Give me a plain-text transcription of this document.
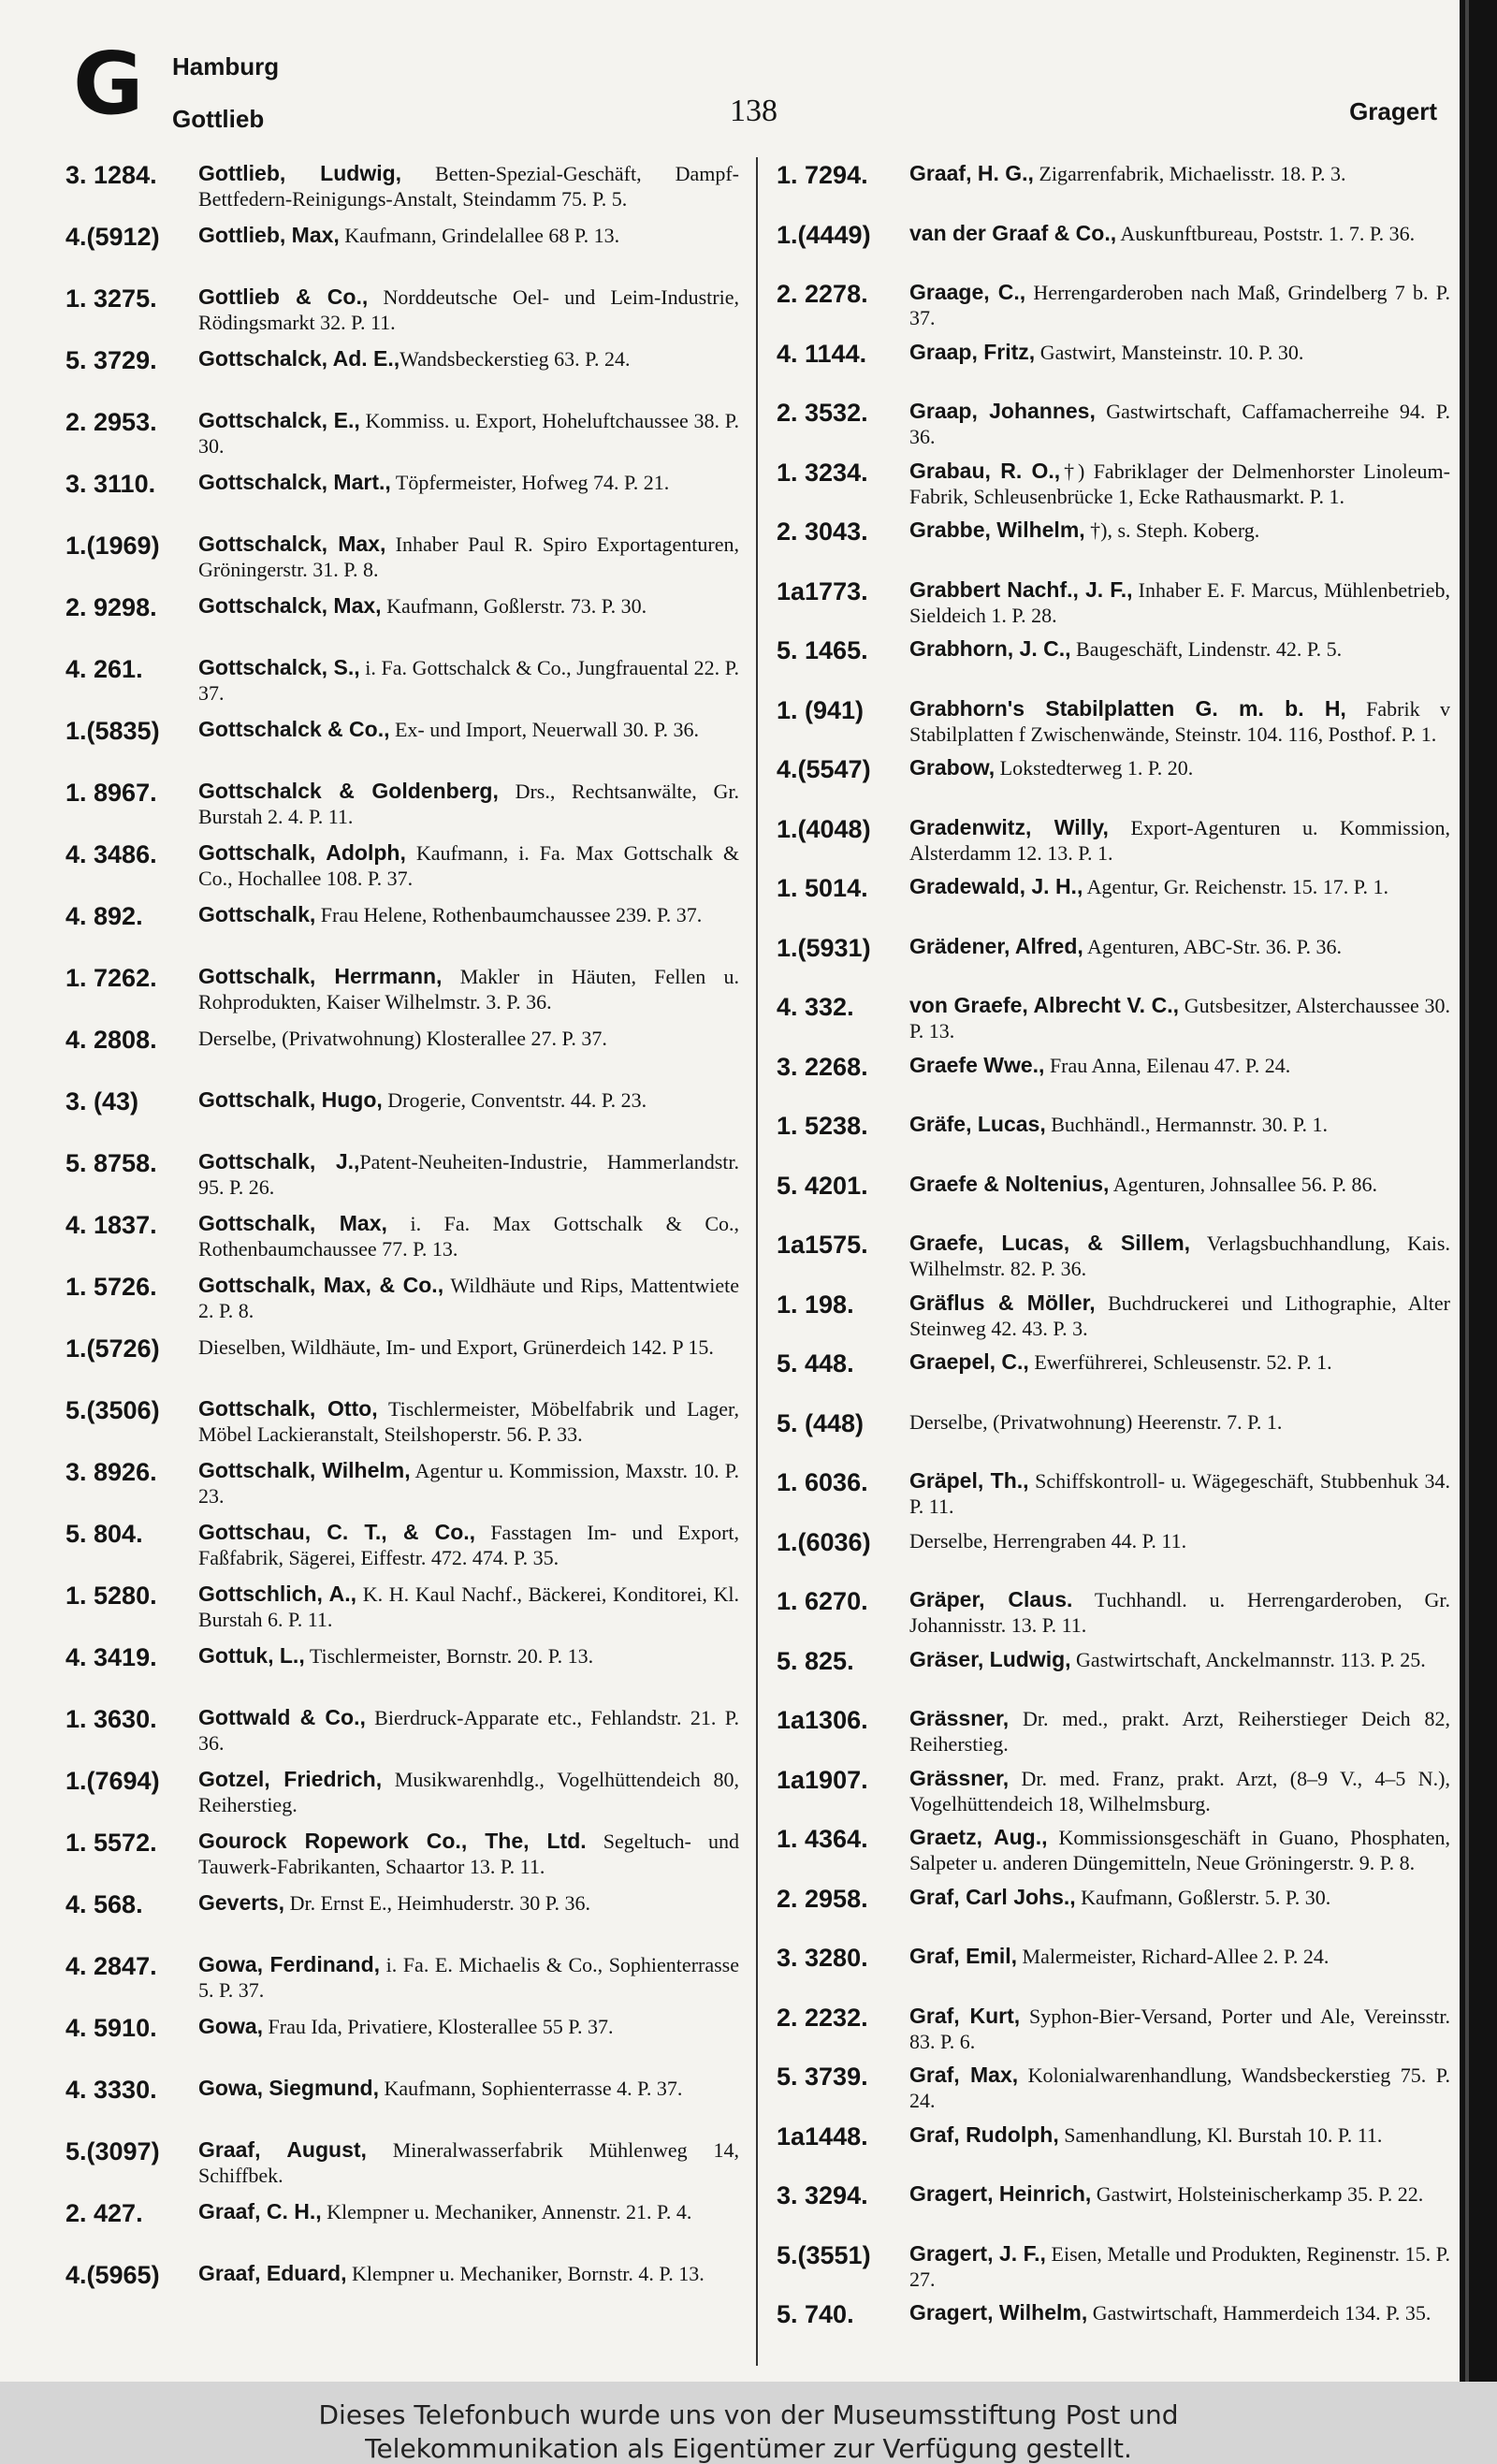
G Hamburg
Gottlieb	138	Gragert
3. 1284.	Gottlieb, Ludwig, Betten-Spezial-Geschäft, Dampf-Bettfedern-Reinigungs-Anstalt, Steindamm 75. P. 5.
4.(5912)	Gottlieb, Max, Kaufmann, Grindelallee 68 P. 13.
1. 3275.	Gottlieb & Co., Norddeutsche Oel- und Leim-Industrie, Rödingsmarkt 32. P. 11.
5. 3729.	Gottschalck, Ad. E.,Wandsbeckerstieg 63. P. 24.
2. 2953.	Gottschalck, E., Kommiss. u. Export, Hoheluftchaussee 38. P. 30.
3. 3110.	Gottschalck, Mart., Töpfermeister, Hofweg 74. P. 21.
1.(1969)	Gottschalck, Max, Inhaber Paul R. Spiro Exportagenturen, Gröningerstr. 31. P. 8.
2. 9298.	Gottschalck, Max, Kaufmann, Goßlerstr. 73. P. 30.
4. 261.	Gottschalck, S., i. Fa. Gottschalck & Co., Jungfrauental 22. P. 37.
1.(5835)	Gottschalck & Co., Ex- und Import, Neuerwall 30. P. 36.
1. 8967.	Gottschalck & Goldenberg, Drs., Rechtsanwälte, Gr. Burstah 2. 4. P. 11.
4. 3486.	Gottschalk, Adolph, Kaufmann, i. Fa. Max Gottschalk & Co., Hochallee 108. P. 37.
4. 892.	Gottschalk, Frau Helene, Rothenbaumchaussee 239. P. 37.
1. 7262.	Gottschalk, Herrmann, Makler in Häuten, Fellen u. Rohprodukten, Kaiser Wilhelmstr. 3. P. 36.
4. 2808.	Derselbe, (Privatwohnung) Klosterallee 27. P. 37.
3. (43)	Gottschalk, Hugo, Drogerie, Conventstr. 44. P. 23.
5. 8758.	Gottschalk, J.,Patent-Neuheiten-Industrie, Hammerlandstr. 95. P. 26.
4. 1837.	Gottschalk, Max, i. Fa. Max Gottschalk & Co., Rothenbaumchaussee 77. P. 13.
1. 5726.	Gottschalk, Max, & Co., Wildhäute und Rips, Mattentwiete 2. P. 8.
1.(5726)	Dieselben, Wildhäute, Im- und Export, Grünerdeich 142. P 15.
5.(3506)	Gottschalk, Otto, Tischlermeister, Möbelfabrik und Lager, Möbel Lackieranstalt, Steilshoperstr. 56. P. 33.
3. 8926.	Gottschalk, Wilhelm, Agentur u. Kommission, Maxstr. 10. P. 23.
5. 804.	Gottschau, C. T., & Co., Fasstagen Im- und Export, Faßfabrik, Sägerei, Eiffestr. 472. 474. P. 35.
1. 5280.	Gottschlich, A., K. H. Kaul Nachf., Bäckerei, Konditorei, Kl. Burstah 6. P. 11.
4. 3419.	Gottuk, L., Tischlermeister, Bornstr. 20. P. 13.
1. 3630.	Gottwald & Co., Bierdruck-Apparate etc., Fehlandstr. 21. P. 36.
1.(7694)	Gotzel, Friedrich, Musikwarenhdlg., Vogelhüttendeich 80, Reiherstieg.
1. 5572.	Gourock Ropework Co., The, Ltd. Segeltuch- und Tauwerk-Fabrikanten, Schaartor 13. P. 11.
4. 568.	Geverts, Dr. Ernst E., Heimhuderstr. 30 P. 36.
4. 2847.	Gowa, Ferdinand, i. Fa. E. Michaelis & Co., Sophienterrasse 5. P. 37.
4. 5910.	Gowa, Frau Ida, Privatiere, Klosterallee 55 P. 37.
4. 3330.	Gowa, Siegmund, Kaufmann, Sophienterrasse 4. P. 37.
5.(3097)	Graaf, August, Mineralwasserfabrik Mühlenweg 14, Schiffbek.
2. 427.	Graaf, C. H., Klempner u. Mechaniker, Annenstr. 21. P. 4.
4.(5965)	Graaf, Eduard, Klempner u. Mechaniker, Bornstr. 4. P. 13.
1. 7294.	Graaf, H. G., Zigarrenfabrik, Michaelisstr. 18. P. 3.
1.(4449)	van der Graaf & Co., Auskunftbureau, Poststr. 1. 7. P. 36.
2. 2278.	Graage, C., Herrengarderoben nach Maß, Grindelberg 7 b. P. 37.
4. 1144.	Graap, Fritz, Gastwirt, Mansteinstr. 10. P. 30.
2. 3532.	Graap, Johannes, Gastwirtschaft, Caffamacherreihe 94. P. 36.
1. 3234.	Grabau, R. O.,†) Fabriklager der Delmenhorster Linoleum-Fabrik, Schleusenbrücke 1, Ecke Rathausmarkt. P. 1.
2. 3043.	Grabbe, Wilhelm, †), s. Steph. Koberg.
1a1773.	Grabbert Nachf., J. F., Inhaber E. F. Marcus, Mühlenbetrieb, Sieldeich 1. P. 28.
5. 1465.	Grabhorn, J. C., Baugeschäft, Lindenstr. 42. P. 5.
1. (941)	Grabhorn's Stabilplatten G. m. b. H, Fabrik v Stabilplatten f Zwischenwände, Steinstr. 104. 116, Posthof. P. 1.
4.(5547)	Grabow, Lokstedterweg 1. P. 20.
1.(4048)	Gradenwitz, Willy, Export-Agenturen u. Kommission, Alsterdamm 12. 13. P. 1.
1. 5014.	Gradewald, J. H., Agentur, Gr. Reichenstr. 15. 17. P. 1.
1.(5931)	Grädener, Alfred, Agenturen, ABC-Str. 36. P. 36.
4. 332.	von Graefe, Albrecht V. C., Gutsbesitzer, Alsterchaussee 30. P. 13.
3. 2268.	Graefe Wwe., Frau Anna, Eilenau 47. P. 24.
1. 5238.	Gräfe, Lucas, Buchhändl., Hermannstr. 30. P. 1.
5. 4201.	Graefe & Noltenius, Agenturen, Johnsallee 56. P. 86.
1a1575.	Graefe, Lucas, & Sillem, Verlagsbuchhandlung, Kais. Wilhelmstr. 82. P. 36.
1. 198.	Gräflus & Möller, Buchdruckerei und Lithographie, Alter Steinweg 42. 43. P. 3.
5. 448.	Graepel, C., Ewerführerei, Schleusenstr. 52. P. 1.
5. (448)	Derselbe, (Privatwohnung) Heerenstr. 7. P. 1.
1. 6036.	Gräpel, Th., Schiffskontroll- u. Wägegeschäft, Stubbenhuk 34. P. 11.
1.(6036)	Derselbe, Herrengraben 44. P. 11.
1. 6270.	Gräper, Claus. Tuchhandl. u. Herrengarderoben, Gr. Johannisstr. 13. P. 11.
5. 825.	Gräser, Ludwig, Gastwirtschaft, Anckelmannstr. 113. P. 25.
1a1306.	Grässner, Dr. med., prakt. Arzt, Reiherstieger Deich 82, Reiherstieg.
1a1907.	Grässner, Dr. med. Franz, prakt. Arzt, (8–9 V., 4–5 N.), Vogelhüttendeich 18, Wilhelmsburg.
1. 4364.	Graetz, Aug., Kommissionsgeschäft in Guano, Phosphaten, Salpeter u. anderen Düngemitteln, Neue Gröningerstr. 9. P. 8.
2. 2958.	Graf, Carl Johs., Kaufmann, Goßlerstr. 5. P. 30.
3. 3280.	Graf, Emil, Malermeister, Richard-Allee 2. P. 24.
2. 2232.	Graf, Kurt, Syphon-Bier-Versand, Porter und Ale, Vereinsstr. 83. P. 6.
5. 3739.	Graf, Max, Kolonialwarenhandlung, Wandsbeckerstieg 75. P. 24.
1a1448.	Graf, Rudolph, Samenhandlung, Kl. Burstah 10. P. 11.
3. 3294.	Gragert, Heinrich, Gastwirt, Holsteinischerkamp 35. P. 22.
5.(3551)	Gragert, J. F., Eisen, Metalle und Produkten, Reginenstr. 15. P. 27.
5. 740.	Gragert, Wilhelm, Gastwirtschaft, Hammerdeich 134. P. 35.
Dieses Telefonbuch wurde uns von der Museumsstiftung Post und
Telekommunikation als Eigentümer zur Verfügung gestellt.
